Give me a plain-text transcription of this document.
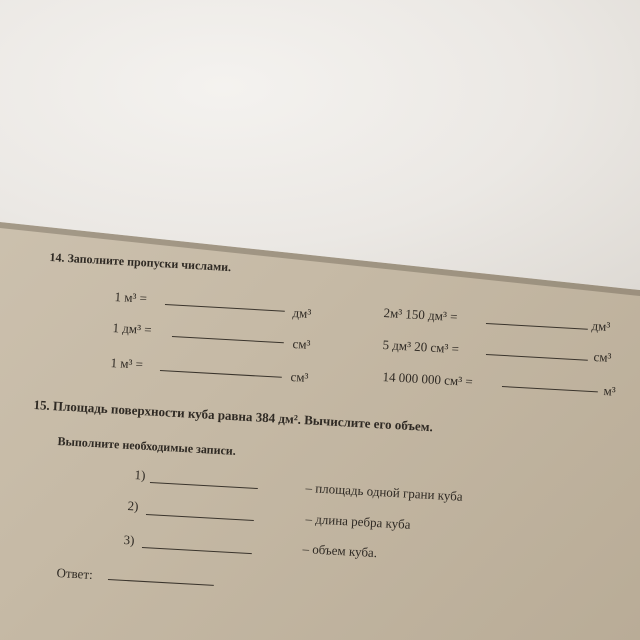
14. Заполните пропуски числами.
1 м³ =
дм³
1 дм³ =
см³
1 м³ =
см³
2м³ 150 дм³ =
дм³
5 дм³ 20 см³ =
см³
14 000 000 см³ =
м³
15. Площадь поверхности куба равна 384 дм². Вычислите его объем.
Выполните необходимые записи.
1)
– площадь одной грани куба
2)
– длина ребра куба
3)
– объем куба.
Ответ:
